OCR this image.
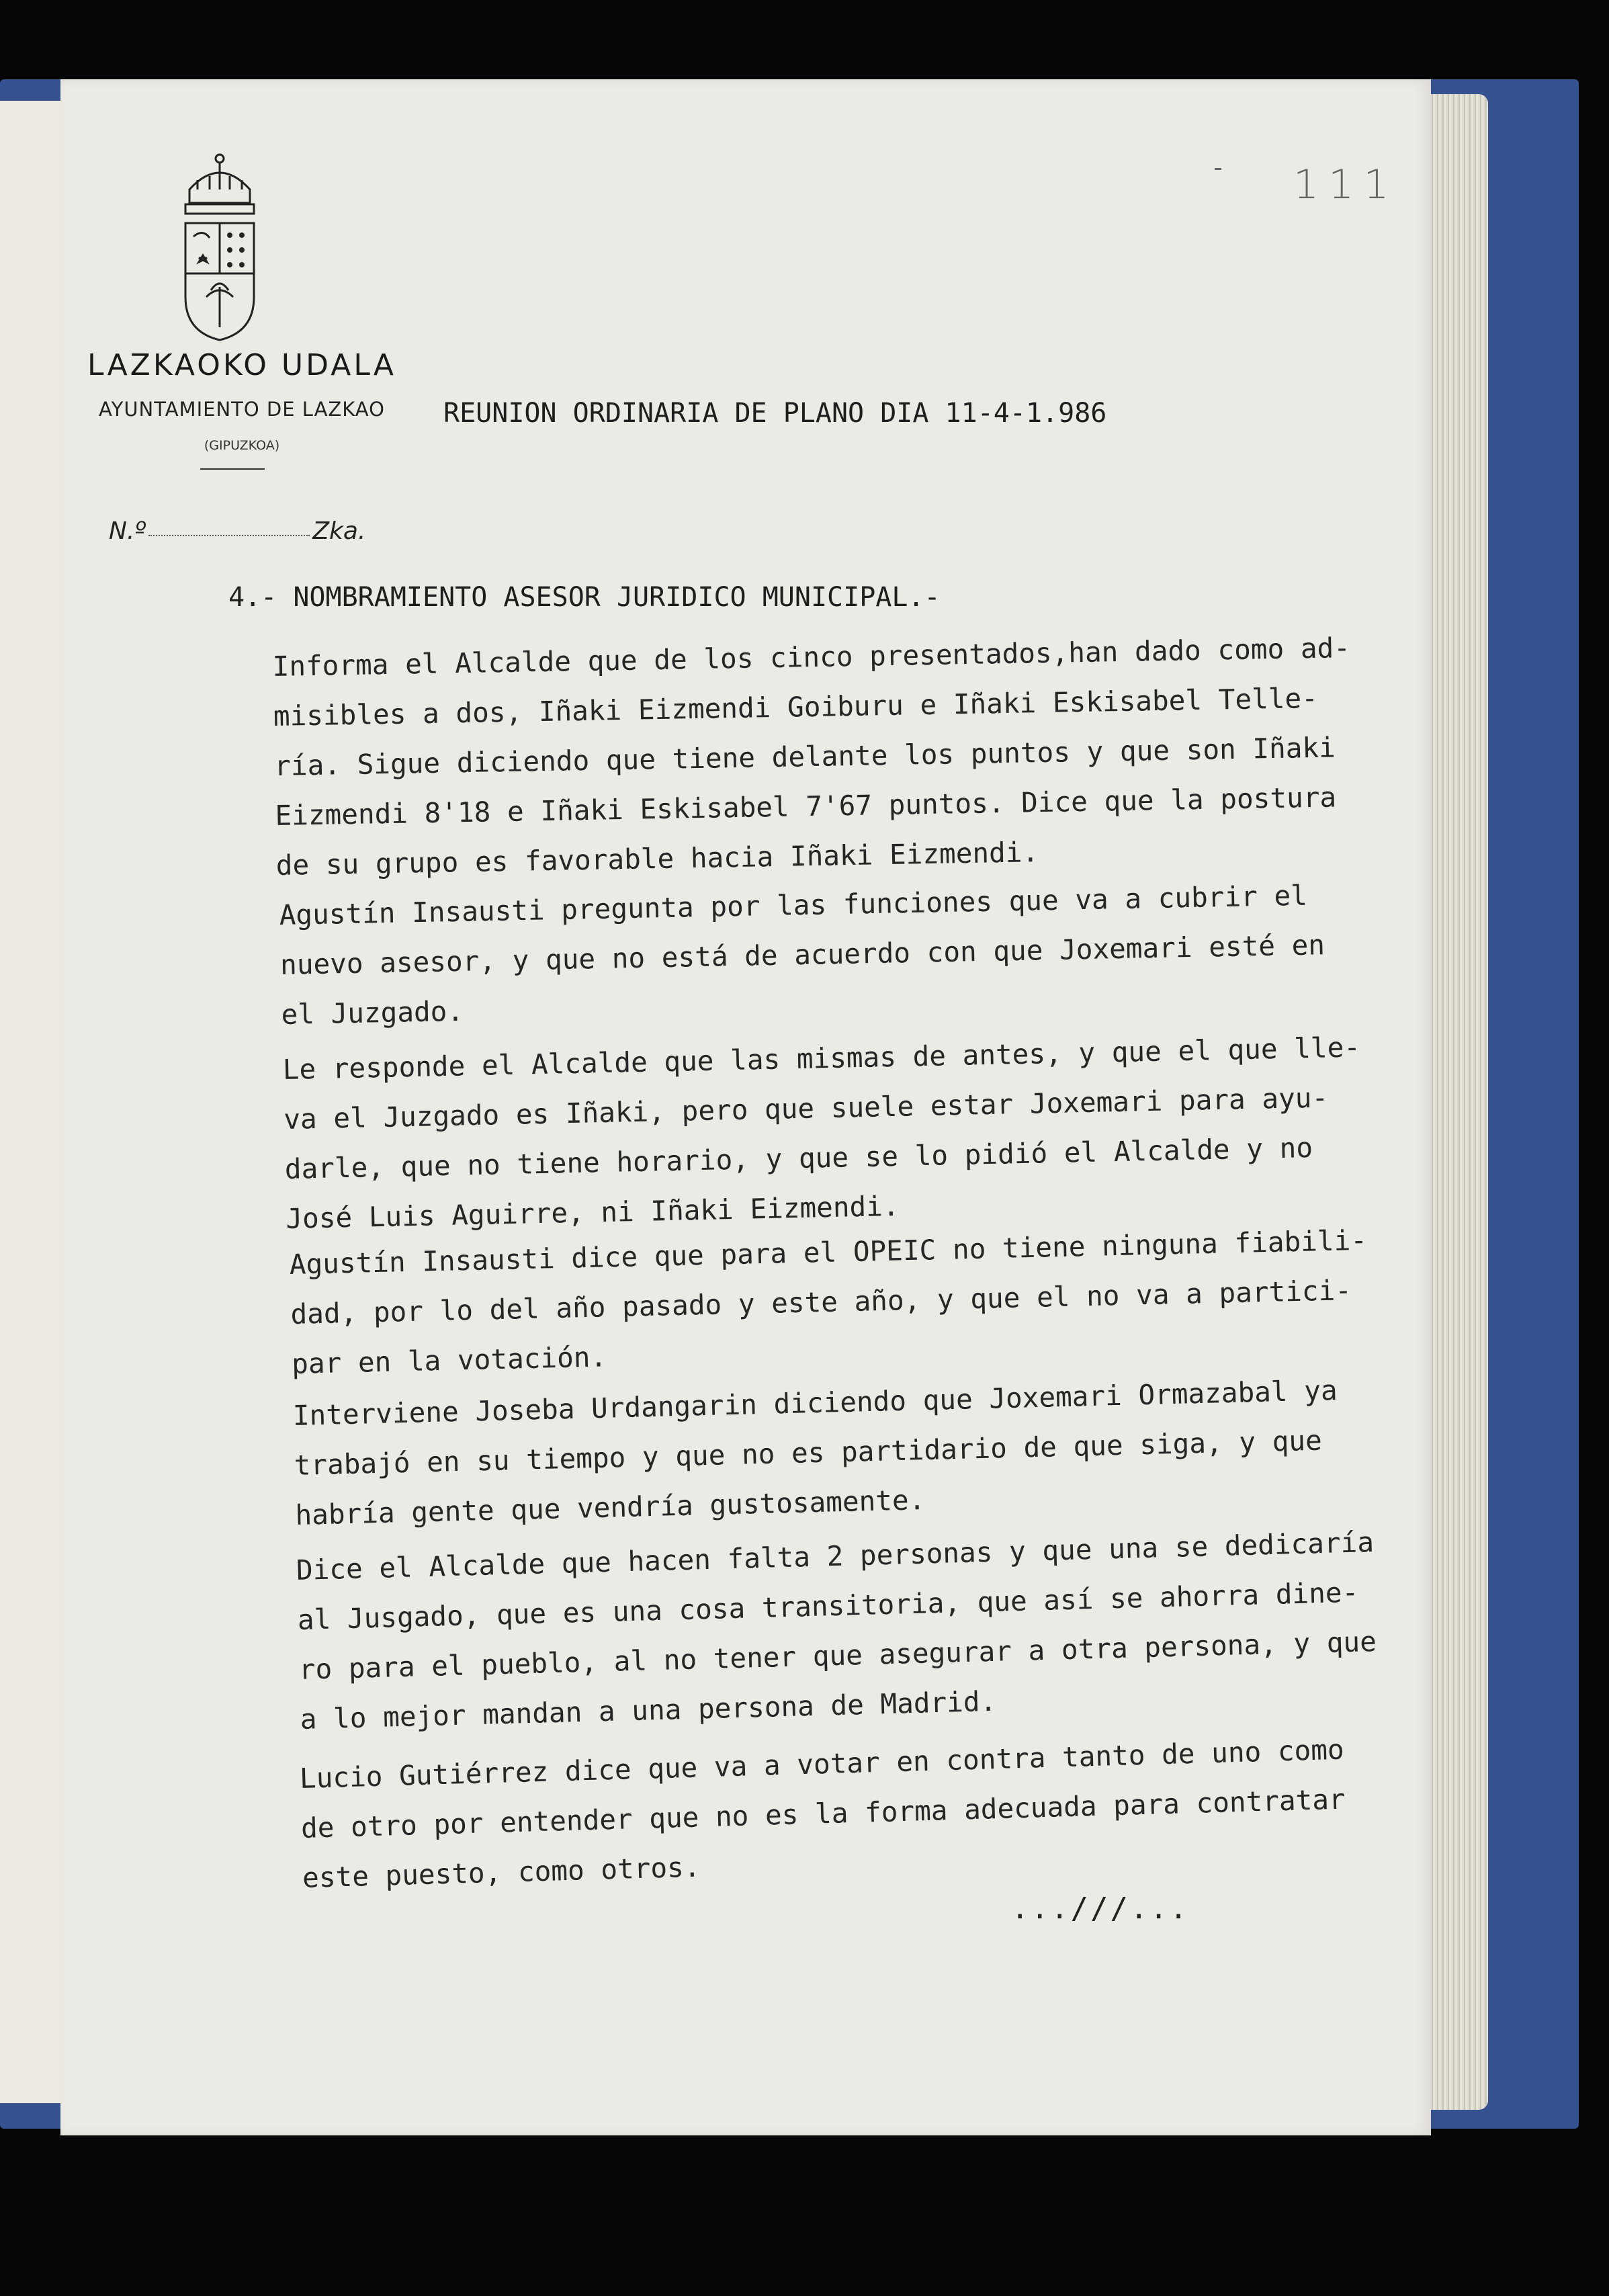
111
LAZKAOKO UDALA
AYUNTAMIENTO DE LAZKAO
(GIPUZKOA)
N.º	Zka.
REUNION ORDINARIA DE PLANO DIA 11-4-1.986
4.- NOMBRAMIENTO ASESOR JURIDICO MUNICIPAL.-
Informa el Alcalde que de los cinco presentados,han dado como ad-
misibles a dos, Iñaki Eizmendi Goiburu e Iñaki Eskisabel Telle-
ría. Sigue diciendo que tiene delante los puntos y que son Iñaki
Eizmendi 8'18 e Iñaki Eskisabel 7'67 puntos. Dice que la postura
de su grupo es favorable hacia Iñaki Eizmendi.
Agustín Insausti pregunta por las funciones que va a cubrir el
nuevo asesor, y que no está de acuerdo con que Joxemari esté en
el Juzgado.
Le responde el Alcalde que las mismas de antes, y que el que lle-
va el Juzgado es Iñaki, pero que suele estar Joxemari para ayu-
darle, que no tiene horario, y que se lo pidió el Alcalde y no
José Luis Aguirre, ni Iñaki Eizmendi.
Agustín Insausti dice que para el OPEIC no tiene ninguna fiabili-
dad, por lo del año pasado y este año, y que el no va a partici-
par en la votación.
Interviene Joseba Urdangarin diciendo que Joxemari Ormazabal ya
trabajó en su tiempo y que no es partidario de que siga, y que
habría gente que vendría gustosamente.
Dice el Alcalde que hacen falta 2 personas y que una se dedicaría
al Jusgado, que es una cosa transitoria, que así se ahorra dine-
ro para el pueblo, al no tener que asegurar a otra persona, y que
a lo mejor mandan a una persona de Madrid.
Lucio Gutiérrez dice que va a votar en contra tanto de uno como
de otro por entender que no es la forma adecuada para contratar
este puesto, como otros.
...///...
